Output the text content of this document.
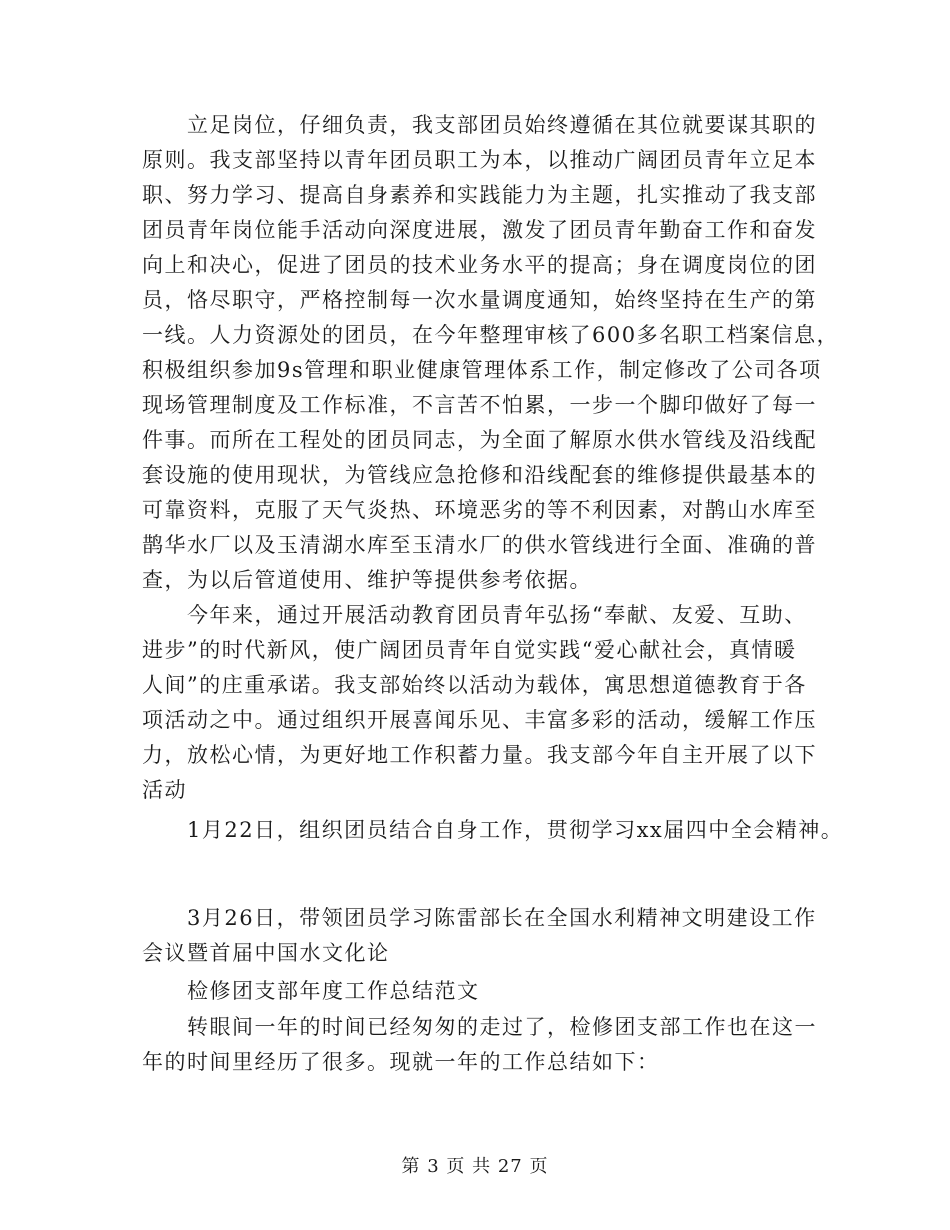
立足岗位，仔细负责，我支部团员始终遵循在其位就要谋其职的
原则。我支部坚持以青年团员职工为本，以推动广阔团员青年立足本
职、努力学习、提高自身素养和实践能力为主题，扎实推动了我支部
团员青年岗位能手活动向深度进展，激发了团员青年勤奋工作和奋发
向上和决心，促进了团员的技术业务水平的提高；身在调度岗位的团
员，恪尽职守，严格控制每一次水量调度通知，始终坚持在生产的第
一线。人力资源处的团员，在今年整理审核了600多名职工档案信息，
积极组织参加9s管理和职业健康管理体系工作，制定修改了公司各项
现场管理制度及工作标准，不言苦不怕累，一步一个脚印做好了每一
件事。而所在工程处的团员同志，为全面了解原水供水管线及沿线配
套设施的使用现状，为管线应急抢修和沿线配套的维修提供最基本的
可靠资料，克服了天气炎热、环境恶劣的等不利因素，对鹊山水库至
鹊华水厂以及玉清湖水库至玉清水厂的供水管线进行全面、准确的普
查，为以后管道使用、维护等提供参考依据。
今年来，通过开展活动教育团员青年弘扬“奉献、友爱、互助、
进步”的时代新风，使广阔团员青年自觉实践“爱心献社会，真情暖
人间”的庄重承诺。我支部始终以活动为载体，寓思想道德教育于各
项活动之中。通过组织开展喜闻乐见、丰富多彩的活动，缓解工作压
力，放松心情，为更好地工作积蓄力量。我支部今年自主开展了以下
活动
1月22日，组织团员结合自身工作，贯彻学习xx届四中全会精神。
3月26日，带领团员学习陈雷部长在全国水利精神文明建设工作
会议暨首届中国水文化论
检修团支部年度工作总结范文
转眼间一年的时间已经匆匆的走过了，检修团支部工作也在这一
年的时间里经历了很多。现就一年的工作总结如下：
第 3 页 共 27 页
